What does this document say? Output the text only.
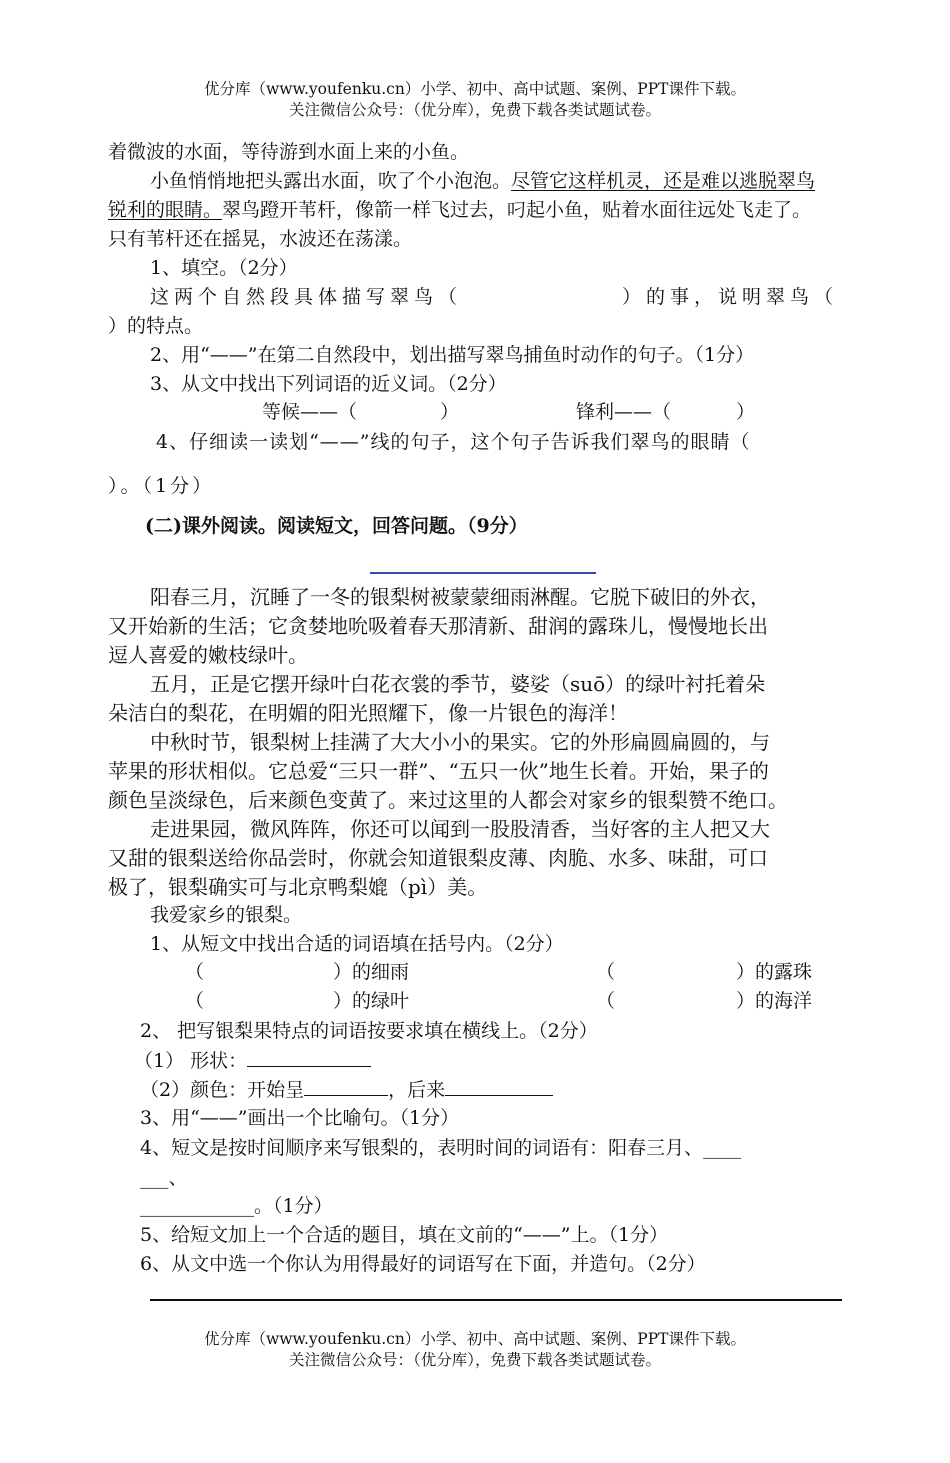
优分库（www.youfenku.cn）小学、初中、高中试题、案例、PPT课件下载。
关注微信公众号：（优分库），免费下载各类试题试卷。
着微波的水面，等待游到水面上来的小鱼。
小鱼悄悄地把头露出水面，吹了个小泡泡。尽管它这样机灵，还是难以逃脱翠鸟
锐利的眼睛。翠鸟蹬开苇杆，像箭一样飞过去，叼起小鱼，贴着水面往远处飞走了。
只有苇杆还在摇晃，水波还在荡漾。
1、填空。（2分）
这两个自然段具体描写翠鸟（	）的事，说明翠鸟（
）的特点。
2、用“——”在第二自然段中，划出描写翠鸟捕鱼时动作的句子。（1分）
3、从文中找出下列词语的近义词。（2分）
等候——（	）	锋利——（	）
4、仔细读一读划“——”线的句子，这个句子告诉我们翠鸟的眼睛（
）。（1分）
(二)课外阅读。阅读短文，回答问题。（9分）
阳春三月，沉睡了一冬的银梨树被蒙蒙细雨淋醒。它脱下破旧的外衣，
又开始新的生活；它贪婪地吮吸着春天那清新、甜润的露珠儿，慢慢地长出
逗人喜爱的嫩枝绿叶。
五月，正是它摆开绿叶白花衣裳的季节，婆娑（suō）的绿叶衬托着朵
朵洁白的梨花，在明媚的阳光照耀下，像一片银色的海洋！
中秋时节，银梨树上挂满了大大小小的果实。它的外形扁圆扁圆的，与
苹果的形状相似。它总爱“三只一群”、“五只一伙”地生长着。开始，果子的
颜色呈淡绿色，后来颜色变黄了。来过这里的人都会对家乡的银梨赞不绝口。
走进果园，微风阵阵，你还可以闻到一股股清香，当好客的主人把又大
又甜的银梨送给你品尝时，你就会知道银梨皮薄、肉脆、水多、味甜，可口
极了，银梨确实可与北京鸭梨媲（pì）美。
我爱家乡的银梨。
1、从短文中找出合适的词语填在括号内。（2分）
（	）的细雨	（	）的露珠
（	）的绿叶	（	）的海洋
2、 把写银梨果特点的词语按要求填在横线上。（2分）
（1） 形状：
（2）颜色：开始呈	，后来
3、用“——”画出一个比喻句。（1分）
4、短文是按时间顺序来写银梨的，表明时间的词语有：阳春三月、____
___、
____________。（1分）
5、给短文加上一个合适的题目，填在文前的“——”上。（1分）
6、从文中选一个你认为用得最好的词语写在下面，并造句。（2分）
优分库（www.youfenku.cn）小学、初中、高中试题、案例、PPT课件下载。
关注微信公众号：（优分库），免费下载各类试题试卷。
